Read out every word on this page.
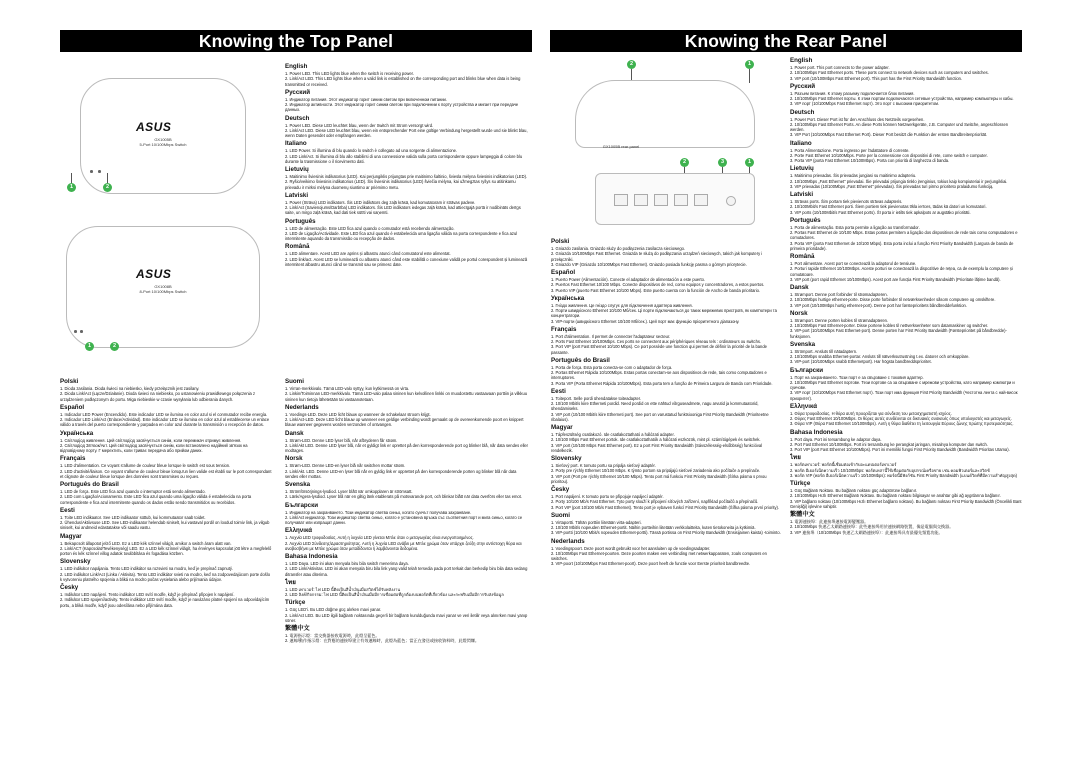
Knowing the Top Panel	Knowing the Rear Panel
ASUS
GX1005B
5-Port 10/100Mbps Switch
1	2
ASUS
GX1008B
8-Port 10/100Mbps Switch
1	2
2	1
GX1005B rear panel
2	3	1
Polski
1. Dioda zasilania. Dioda świeci na niebiesko, kiedy przełącznik jest zasilany.
2. Dioda Link/Act (Łącze/Działanie). Dioda świeci na niebiesko, po ustanowieniu prawidłowego połączenia z urządzeniem podłączonym do portu. Miga niebieskie w czasie wysyłania lub odbierania danych.
Español
1. Indicador LED Power (Encendido). Este indicador LED se ilumina en color azul si el conmutador recibe energía.
2. Indicador LED Link/Act (Enlace/Actividad). Este indicador LED se ilumina en color azul al establecerse un enlace válido a través del puerto correspondiente y parpadea en color azul durante la transmisión o recepción de datos.
Українська
1. Світлодіод живлення. Цей світлодіод засвічується синім, коли перемикач отримує живлення.
2. Світлодіод Зв'язок/Акт. Цей світлодіод засвічується синім, коли встановлено надійний зв'язок на відповідному порту. Г мерехтить, коли триває передача або прийом даних.
Français
1. LED d'alimentation. Ce voyant s'allume de couleur bleue lorsque le switch est sous tension.
2. LED d'activité/liaison. Ce voyant s'allume de couleur bleue lorsqu'un lien valide est établi sur le port correspondant et clignote de couleur bleue lorsque des données sont transmises ou reçues.
Português do Brasil
1. LED de força. Este LED fica azul quando o interruptor está sendo alimentado.
2. LED com Ligação/Acionamento. Este LED fica azul quando uma ligação válida é estabelecida na porta correspondente e fica azul intermitente quando os dados estão sendo transmitidos ou recebidos.
Eesti
1. Toite LED indikaator. See LED indikaator süttub, kui kommutaator saab toidet.
2. Ühendus/Aktiivsuse LED. See LED-indikaator helendab siniselt, kui vastaval pordil on loodud toimiv link, ja vilgub siniselt, kui andmeid edastatakse või saadu vastu.
Magyar
1. Bekapcsolt állapotot jelző LED. Ez a LED kék színnel világít, amikor a switch áram alatt van.
2. Link/ACT (Kapcsolat/Tevékenység) LED. Ez a LED kék színnel világít, ha érvényes kapcsolat jött létre a megfelelő porton és kék színnel villog adatok továbbítása és fogadása közben.
Slovensky
1. LED indikátor napájania. Tento LED indikátor sa rozsvieti na modro, keď je prepínač zapnutý.
2. LED indikátor Link/Act (Linka / Aktivita). Tento LED indikátor svieti na modro, keď na zodpovedajúcom porte došlo k vytvoreniu platného spojenia a bliká na modro počas vysielania alebo prijímania údajov.
Česky
1. Indikátor LED napájení. Tento indikátor LED svítí modře, když je přepínač připojen k napájení.
2. Indikátor LED spojení/activity. Tento indikátor LED svítí modře, když je navázáno platné spojení na odpovídajícím portu, a bliká modře, když jsou odesílána nebo přijímána data.
English
1. Power LED. This LED lights blue when the switch is receiving power.
2. Link/Act LED. This LED lights blue when a valid link is established on the corresponding port and blinks blue when data is being transmitted or received.
Русский
1. Индикатор питания. Этот индикатор горит синим светом при включенном питании.
2. Индикатор активности. Этот индикатор горит синим светом при подключении к порту устройства и мигает при передаче данных.
Deutsch
1. Power LED. Diese LED leuchtet blau, wenn der Switch mit Strom versorgt wird.
2. Link/Act LED. Diese LED leuchtet blau, wenn ein entsprechender Port eine gültige Verbindung hergestellt wurde und sie blinkt blau, wenn Daten gesendet oder empfangen werden.
Italiano
1. LED Power. Si illumina di blu quando lo switch è collegato ad una sorgente di alimentazione.
2. LED Link/Act. Si illumina di blu allo stabilirsi di una connessione valida sulla porta corrispondente oppure lampeggia di colore blu durante la trasmissione o il ricevimento dati.
Lietuvių
1. Maitinimo šviesinis indikatorius (LED). Kai perjungiklis prijungtas prie maitinimo šaltinio, šviesla mėlyna šviesinis indikatorius (LED).
2. Ryšio/veikimo šviesinis indikatorius (LED). Šis šviesinis indikatorius (LED) šviečia mėlyna, kai užmegztas ryšys su atitinkamu prievadu ir mirksi mėlyna duomenų siuntimo ar priėmimo metu.
Latviski
1. Power (Strāva) LED indikators. Šis LED indikātors deg zaļā krāsā, kad komutatoram ir strāvas padeve.
2. Link/Act (Savienojums/Darbība) LED indikators. Šis LED indikators iedegas zaļā krāsā, kad attiecīgajā portā ir nodibināts derīgs saite, un mirgo zaļā krāsā, kad dati tiek sūtīti vai saņemti.
Português
1. LED de alimentação. Este LED fica azul quando o comutador está recebendo alimentação.
2. LED de Ligação/Actividade. Este LED fica azul quando é estabelecida uma ligação válida na porta correspondente e fica azul intermitente aquando da transmissão ou recepção de dados.
Română
1. LED alimentare. Acest LED are aprins și albastru atunci când comutatorul este alimentat.
2. LED link/act. Acest LED se luminează cu albastru atunci când este stabilită o conexiune validă pe portul corespondent și luminează intermitent albastru atunci când se transmit sau se primesc date.
Suomi
1. Virran-merkkivalo. Tämä LED-valo syttyy, kun kytkimessä on virta.
2. Linkin/Toiminnan LED-merkkivalo. Tämä LED-valo palaa sininen kun kelvollinen linkki on muodostettu vastaavaan porttiin ja vilkkuu sininen kun tietoja lähetetään tai vastaanotetaan.
Nederlands
1. Voedings-LED. Deze LED licht blauw op wanneer de schakelaar stroom krijgt.
2. Link/Act-LED. Deze LED licht blauw op wanneer een geldige verbinding wordt gemaakt op de overeenkomende poort en knippert blauw wanneer gegevens worden verzonden of ontvangen.
Dansk
1. Strøm-LED. Denne LED lyser blå, når afbryderen får strøm.
2. Link/Akt LED. Denne LED lyser blå, når et gyldigt link er oprettet på den korresponderende port og blinker blå, når data sendes eller modtages.
Norsk
1. Strøm-LED. Denne LED-en lyser blå når switchen mottar strøm.
2. Link/Akt. LED. Denne LED-en lyser blå når en gyldig link er opprettet på den korresponderende porten og blinker blå når data sendes eller mottas.
Svenska
1. Strömförsörjnings-lysdiod. Lyser blått när omkopplaren är strömsatt.
2. Länk/Agera-lysdiod. Lyser blå när en giltig länk etablerats på motsvarande port, och blinkar blått när data överförs eller tas emot.
Български
1. Индикатор на захранването. Този индикатор светва синьо, когато суичът получава захранване.
2. Link/Act индикатор. Този индикатор светва синьо, когато е установена връзка със съответния порт и мига синьо, когато се получават или изпращат данни.
Ελληνικά
1. Λυχνία LED τροφοδοσίας. Αυτή η λυχνία LED γίνεται Μπλε όταν ο μεταγωγέας είναι ενεργοποιημένος.
2. Λυχνία LED Σύνδεσης/Δραστηριότητας. Αυτή η λυχνία LED ανάβει με Μπλε χρώμα όταν υπάρχει ζεύξη στην αντίστοιχη θύρα και αναβοσβήνει με Μπλε χρώμα όταν μεταδίδονται ή λαμβάνονται δεδομένα.
Bahasa Indonesia
1. LED Daya. LED ini akan menyala biru bila switch menerima daya.
2. LED Link/Aktivitas. LED ini akan menyala biru bila link yang valid telah tersedia pada port terkait dan berkedip biru bila data sedang ditransfer atau diterima.
ไทย
1. LED เพาเวอร์: ไฟ LED นี้ติดเป็นสีน้ำเงินเมื่อสวิตช์ได้รับพลังงาน
2. LED ลิงค์/กิจกรรม: ไฟ LED นี้ติดเป็นสีน้ำเงินเมื่อมีการเชื่อมต่อที่ถูกต้องบนพอร์ตที่เกี่ยวข้อง และกะพริบเมื่อมีการรับส่งข้อมูล
Türkçe
1. Güç LED'i. Bu LED düğme güç alırken mavi yanar.
2. Link/Act LED. Bu LED ilgili bağlantı noktasında geçerli bir bağlantı kurulduğunda mavi yanar ve veri iletilir veya alınırken mavi yanıp söner.
繁體中文
1. 電源指示燈：當交換器接收電源時，此燈呈藍色。
2. 連線/動作指示燈：在對應的連接埠建立有效連線時，此燈為藍色；當正在發送或接收資料時，此燈閃爍。
Polski
1. Gniazdo zasilania. Gniazdo służy do podłączenia zasilacza sieciowego.
2. Gniazda 10/100Mbps Fast Ethernet. Gniazda te służą do podłączania urządzeń sieciowych, takich jak komputery i przełączniki.
3. Gniazdo VIP (Gniazdo 10/100Mbps Fast Ethernet). Gniazdo posiada funkcję pasma o górnym priorytecie.
Español
1. Puerto Power (Alimentación). Conecte el adaptador de alimentación a este puerto.
2. Puertos Fast Ethernet 10/100 Mbps. Conecte dispositivos de red, como equipos y concentradores, a estos puertos.
3. Puerto VIP (puerto Fast Ethernet 10/100 Mbps). Este puerto cuenta con la función de Ancho de banda prioritario.
Українська
1. Гніздо живлення. Це гніздо слугує для підключення адаптера живлення.
2. Порти швидкісного Ethernet 10/100 Мб/сек. Ці порти підключаються до таких мережевих пристроїв, як комп'ютери та концентратори.
3. VIP-порти (швидкісного Ethernet 10/100 Мб/сек.). Цей порт має функцію пріоритетного діапазону.
Français
1. Port d'alimentation. Il permet de connecter l'adaptateur secteur.
2. Ports Fast Ethernet 10/100Mbps. Ces ports se connectent aux périphériques réseau tels : ordinateurs ou switchs.
3. Port VIP (port Fast Ethernet 10/100 Mbps). Ce port possède une fonction qui permet de définir la priorité de la bande passante.
Português do Brasil
1. Porta de força. Esta porta conecta-se com o adaptador de força.
2. Portas Ethernet Rápida 10/100Mbps. Estas portas conectam-se aos dispositivos de rede, tais como computadores e interruptores.
3. Porta VIP (Porta Ethernet Rápida 10/100Mbps). Esta porta tem a função de Primeira Largura de Banda com Prioridade.
Eesti
1. Toiteport. Selle pordi ühendatakse toiteadapter.
2. 10/100 Mbit/s kiire Etherneti pordid. Need pordid on ette nähtud võrguseadmete, nagu arvutid ja kommutaatorid, ühendamiseks.
3. VIP port (10/100 Mbit/s kiire Etherneti port). See port on varustatud funktsiooniga First Priority Bandwidth (Prioriteetne ribalaius).
Magyar
1. Tápfeszültség csatlakozó. Ide csatlakoztatható a hálózati adapter.
2. 10/100 Mbps Fast Ethernet portok. Ide csatlakoztathatók a hálózati eszközök, mint pl. számítógépek és switchek.
3. VIP port (10/100 Mbps Fast Ethernet port). Ez a port First Priority Bandwidth (Sávszélesség-elsőbbség) funkcióval rendelkezik.
Slovensky
1. Sieťový port. K tomuto portu sa pripája sieťový adaptér.
2. Porty pre rýchly Ethernet 10/100 Mbps. K týmto portom sa pripájajú sieťové zariadenia ako počítače a prepínače.
3. VIP port (Port pre rýchly Ethernet 10/100 Mbps). Tento port má funkciu First Priority Bandwidth (Šírka pásma s prvou prioritou).
Česky
1. Port napájení. K tomuto portu se připojuje napájecí adaptér.
2. Porty 10/100 Mb/s Fast Ethernet. Tyto porty slouží k připojení síťových zařízení, například počítačů a přepínačů.
3. Port VIP (port 10/100 Mb/s Fast Ethernet). Tento port je vybaven funkcí First Priority Bandwidth (Šířka pásma první priority).
Suomi
1. Virtaportti. Tähän porttiin liitetään virta-adapteri.
2. 10/100 Mbit/s nopeuden Ethernet-portit. Näihin portteihin liitetään verkkolaitteita, kuten tietokoneita ja kytkimiä.
3. VIP-portti (10/100 Mbit/s nopeuden Ethernet-portti). Tässä portissa on First Priority Bandwidth (Ensisijainen kaista) -toiminto.
Nederlands
1. Voedingspoort. Deze poort wordt gebruikt voor het aansluiten op de voedingsadapter.
2. 10/100Mbps Fast Ethernet-poorten. Deze poorten maken een verbinding met netwerkapparaten, zoals computers en switches.
3. VIP-poort (10/100Mbps Fast Ethernet-poort). Deze poort heeft de functie voor Eerste prioriteit bandbreedte.
English
1. Power port. This port connects to the power adapter.
2. 10/100Mbps Fast Ethernet ports. These ports connect to network devices such as computers and switches.
3. VIP port (10/100Mbps Fast Ethernet port). This port has the First Priority Bandwidth function.
Русский
1. Разъем питания. К этому разъему подключается блок питания.
2. 10/100Mbps Fast Ethernet порты. К этим портам подключаются сетевые устройства, например компьютеры и хабы.
3. VIP порт (10/100Mbps Fast Ethernet порт). Это порт с высоким приоритетом.
Deutsch
1. Power Port. Dieser Port ist für den Anschluss des Netzteils vorgesehen.
2. 10/100Mbps Fast Ethernet Ports. An diese Ports können Netzwerkgeräte, z.B. Computer und Switche, angeschlossen werden.
3. VIP Port (10/100Mbps Fast Ethernet Port). Dieser Port besitzt die Funktion der ersten Bandbreitenpriorität.
Italiano
1. Porta Alimentazione. Porta ingresso per l'adattatore di corrente.
2. Porte Fast Ethernet 10/100Mbps. Porte per la connessione con dispositivi di rete, come switch e computer.
3. Porta VIP (porta Fast Ethernet 10/100Mbps). Porta con priorità di larghezza di banda.
Lietuvių
1. Maitinimo prievadas. Šis prievadas jungiasi su maitinimo adapteriu.
2. 10/100Mbps „Fast Ethernet" prievadai. Šie prievadai prijungia tinklo įrenginius, tokius kaip kompiuteriai ir perjungikliai.
3. VIP prievadas (10/100Mbps „Fast Ethernet" prievadas). Šis prievadas turi pirmo prioriteto pralaidumo funkciją.
Latviski
1. Strāvas ports. Šim portam tiek pievienots strāvas adapteris.
2. 10/100Mbit/s Fast Ethernet porti. Šiem portiem tiek pievienotas tīkla ierīces, tādas kā datori un komutatori.
3. VIP ports (10/100Mbit/s Fast Ethernet ports). Šī porta ir ietilts tiek apkalpots ar augstāko prioritāti.
Português
1. Porta de alimentação. Esta porta permite a ligação ao transformador.
2. Portas Fast Ethernet de 10/100 Mbps. Estas portas permitem a ligação dos dispositivos de rede tais como computadores e comutadores.
3. Porta VIP (porta Fast Ethernet de 10/100 Mbps). Esta porta inclui a função First Priority Bandwidth (Largura de banda de primeira prioridade).
Română
1. Port alimentare. Acest port se conectează la adaptorul de tensiune.
2. Porturi rapide Ethernet 10/100Mbps. Aceste porturi se conectează la dispozitive de rețea, ca de exemplu la computere și comutatoare.
3. VIP port (port rapid Ethernet 10/100Mbps). Acest port are funcția First Priority Bandwidth (Prioritate lățime bandă).
Dansk
1. Strømport. Denne port forbinder til strømadapteren.
2. 10/100Mbps hurtige ethernet-porte. Disse porte forbinder til netværksenheder såsom computere og omskiftere.
3. VIP port (10/100Mbps hurtig ethernet-port). Denne port har førsteprioritets båndbreddefunktion.
Norsk
1. Strømport. Denne porten kobles til strømadapteren.
2. 10/100Mbps Fast Ethernet-porter. Disse portene kobles til nettverksenheter som datamaskiner og switcher.
3. VIP-port (10/100Mbps Fast Ethernet-port). Denne porten har First Priority Bandwidth (Førsteprioritet på båndbredde)-funksjonen.
Svenska
1. Strömport. Ansluts till nätadaptern.
2. 10/100Mbps snabba Ethernet-portar. Ansluts till nätverksutrustning t.ex. datorer och omkopplare.
3. VIP-port (10/100Mbps snabb Ethernetport). Har högsta bandbreddsprioritet.
Български
1. Порт на захранването. Този порт е за свързване с токовия адаптер.
2. 10/100Mbps Fast Ethernet портове. Тези портове са за свързване с мрежови устройства, като например компютри и суичове.
3. VIP порт (10/100Mbps Fast Ethernet порт). Този порт има функция First Priority Bandwidth (Честотна лента с най-висок приоритет).
Ελληνικά
1. Θύρα τροφοδοσίας. Η θύρα αυτή προορίζεται για σύνδεση του μετασχηματιστή ισχύος.
2. Θύρες Fast Ethernet 10/100Mbps. Οι θύρες αυτές συνδέονται σε δικτυακές συσκευές όπως υπολογιστές και μεταγωγείς.
3. Θύρα VIP (Θύρα Fast Ethernet 10/100Mbps). Αυτή η θύρα διαθέτει τη λειτουργία Εύρους ζώνης πρώτης προτεραιότητας.
Bahasa Indonesia
1. Port daya. Port ini tersambung ke adaptor daya.
2. Port Fast Ethernet 10/100Mbps. Port ini tersambung ke perangkat jaringan, misalnya komputer dan switch.
3. Port VIP (port Fast Ethernet 10/100Mbps). Port ini memiliki fungsi First Priority Bandwidth (Bandwidth Prioritas Utama).
ไทย
1. พอร์ตเพาเวอร์: พอร์ตนี้เชื่อมต่อเข้ากับอะแดปเตอร์เพาเวอร์
2. พอร์ต อีเธอร์เน็ตความเร็ว 10/100Mbps: พอร์ตเหล่านี้ใช้เชื่อมต่อกับอุปกรณ์เครือข่าย เช่น คอมพิวเตอร์และสวิตช์
3. พอร์ต VIP (พอร์ต อีเธอร์เน็ตความเร็ว 10/100Mbps): พอร์ตนี้มีฟังก์ชัน First Priority Bandwidth (แบนด์วิดท์ที่มีความสำคัญสูงสุด)
Türkçe
1. Güç Bağlantı Noktası. Bu bağlantı noktası güç adaptörüne bağlanır.
2. 10/100Mbps Hızlı Ethernet Bağlantı Noktası. Bu bağlantı noktası bilgisayar ve anahtar gibi ağ aygıtlarına bağlanır.
3. VIP bağlantı noktası (10/100Mbps Hızlı Ethernet bağlantı noktası). Bu bağlantı noktası First Priority Bandwidth (Öncelikli Bant Genişliği) işlevine sahiptir.
繁體中文
1. 電源連接埠：此連接埠連接電源變壓器。
2. 10/100Mbps 快速乙太網路連接埠：此些連接埠用於連接網路裝置，像是電腦與交換器。
3. VIP 連接埠（10/100Mbps 快速乙太網路連接埠）：此連接埠具有最優先頻寬功能。
